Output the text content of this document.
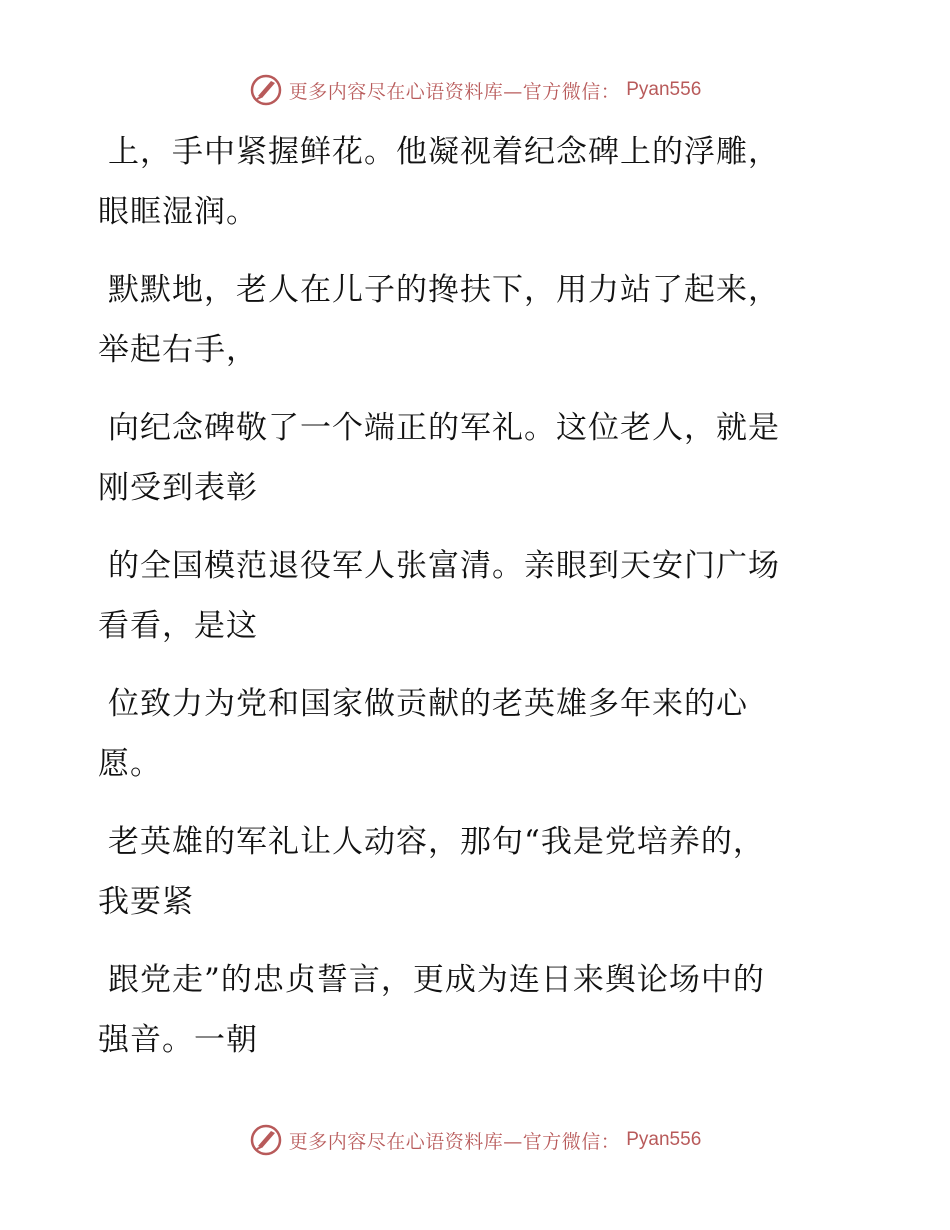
更多内容尽在心语资料库—官方微信： Pyan556
上，手中紧握鲜花。他凝视着纪念碑上的浮雕，
眼眶湿润。
默默地，老人在儿子的搀扶下，用力站了起来，
举起右手，
向纪念碑敬了一个端正的军礼。这位老人，就是
刚受到表彰
的全国模范退役军人张富清。亲眼到天安门广场
看看，是这
位致力为党和国家做贡献的老英雄多年来的心
愿。
老英雄的军礼让人动容，那句“我是党培养的，
我要紧
跟党走”的忠贞誓言，更成为连日来舆论场中的
强音。一朝
更多内容尽在心语资料库—官方微信： Pyan556
